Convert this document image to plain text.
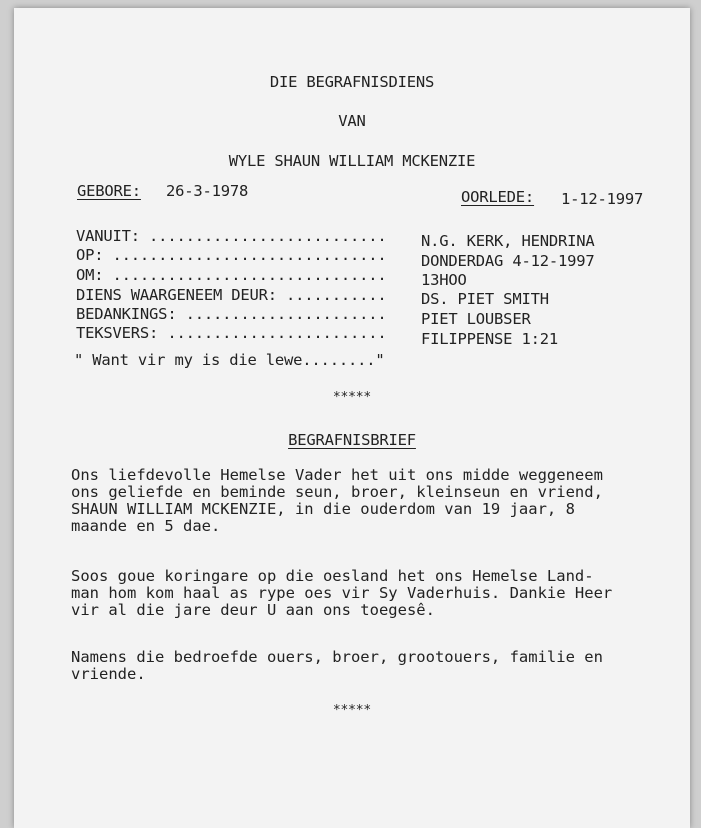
DIE BEGRAFNISDIENS
VAN
WYLE SHAUN WILLIAM MCKENZIE
GEBORE: 26-3-1978	OORLEDE: 1-12-1997
VANUIT: .......................... N.G. KERK, HENDRINA
OP: .............................. DONDERDAG 4-12-1997
OM: .............................. 13HOO
DIENS WAARGENEEM DEUR: ........... DS. PIET SMITH
BEDANKINGS: ...................... PIET LOUBSER
TEKSVERS: ........................ FILIPPENSE 1:21
" Want vir my is die lewe........"
*****
BEGRAFNISBRIEF
Ons liefdevolle Hemelse Vader het uit ons midde weggeneem
ons geliefde en beminde seun, broer, kleinseun en vriend,
SHAUN WILLIAM MCKENZIE, in die ouderdom van 19 jaar, 8
maande en 5 dae.
Soos goue koringare op die oesland het ons Hemelse Land-
man hom kom haal as rype oes vir Sy Vaderhuis. Dankie Heer
vir al die jare deur U aan ons toegesê.
Namens die bedroefde ouers, broer, grootouers, familie en
vriende.
*****
